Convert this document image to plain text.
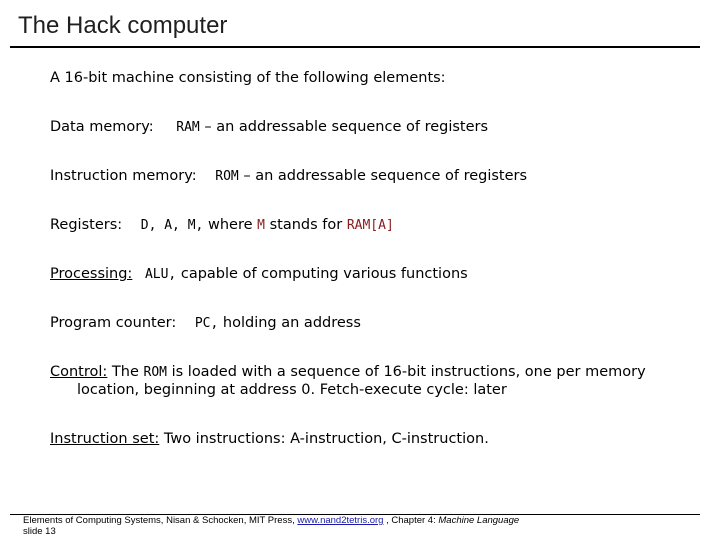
The Hack computer
A 16-bit machine consisting of the following elements:
Data memory: RAM – an addressable sequence of registers
Instruction memory: ROM – an addressable sequence of registers
Registers: D, A, M, where M stands for RAM[A]
Processing: ALU, capable of computing various functions
Program counter: PC, holding an address
Control: The ROM is loaded with a sequence of 16-bit instructions, one per memory
location, beginning at address 0. Fetch-execute cycle: later
Instruction set: Two instructions: A-instruction, C-instruction.
Elements of Computing Systems, Nisan & Schocken, MIT Press, www.nand2tetris.org , Chapter 4: Machine Language
slide 13
